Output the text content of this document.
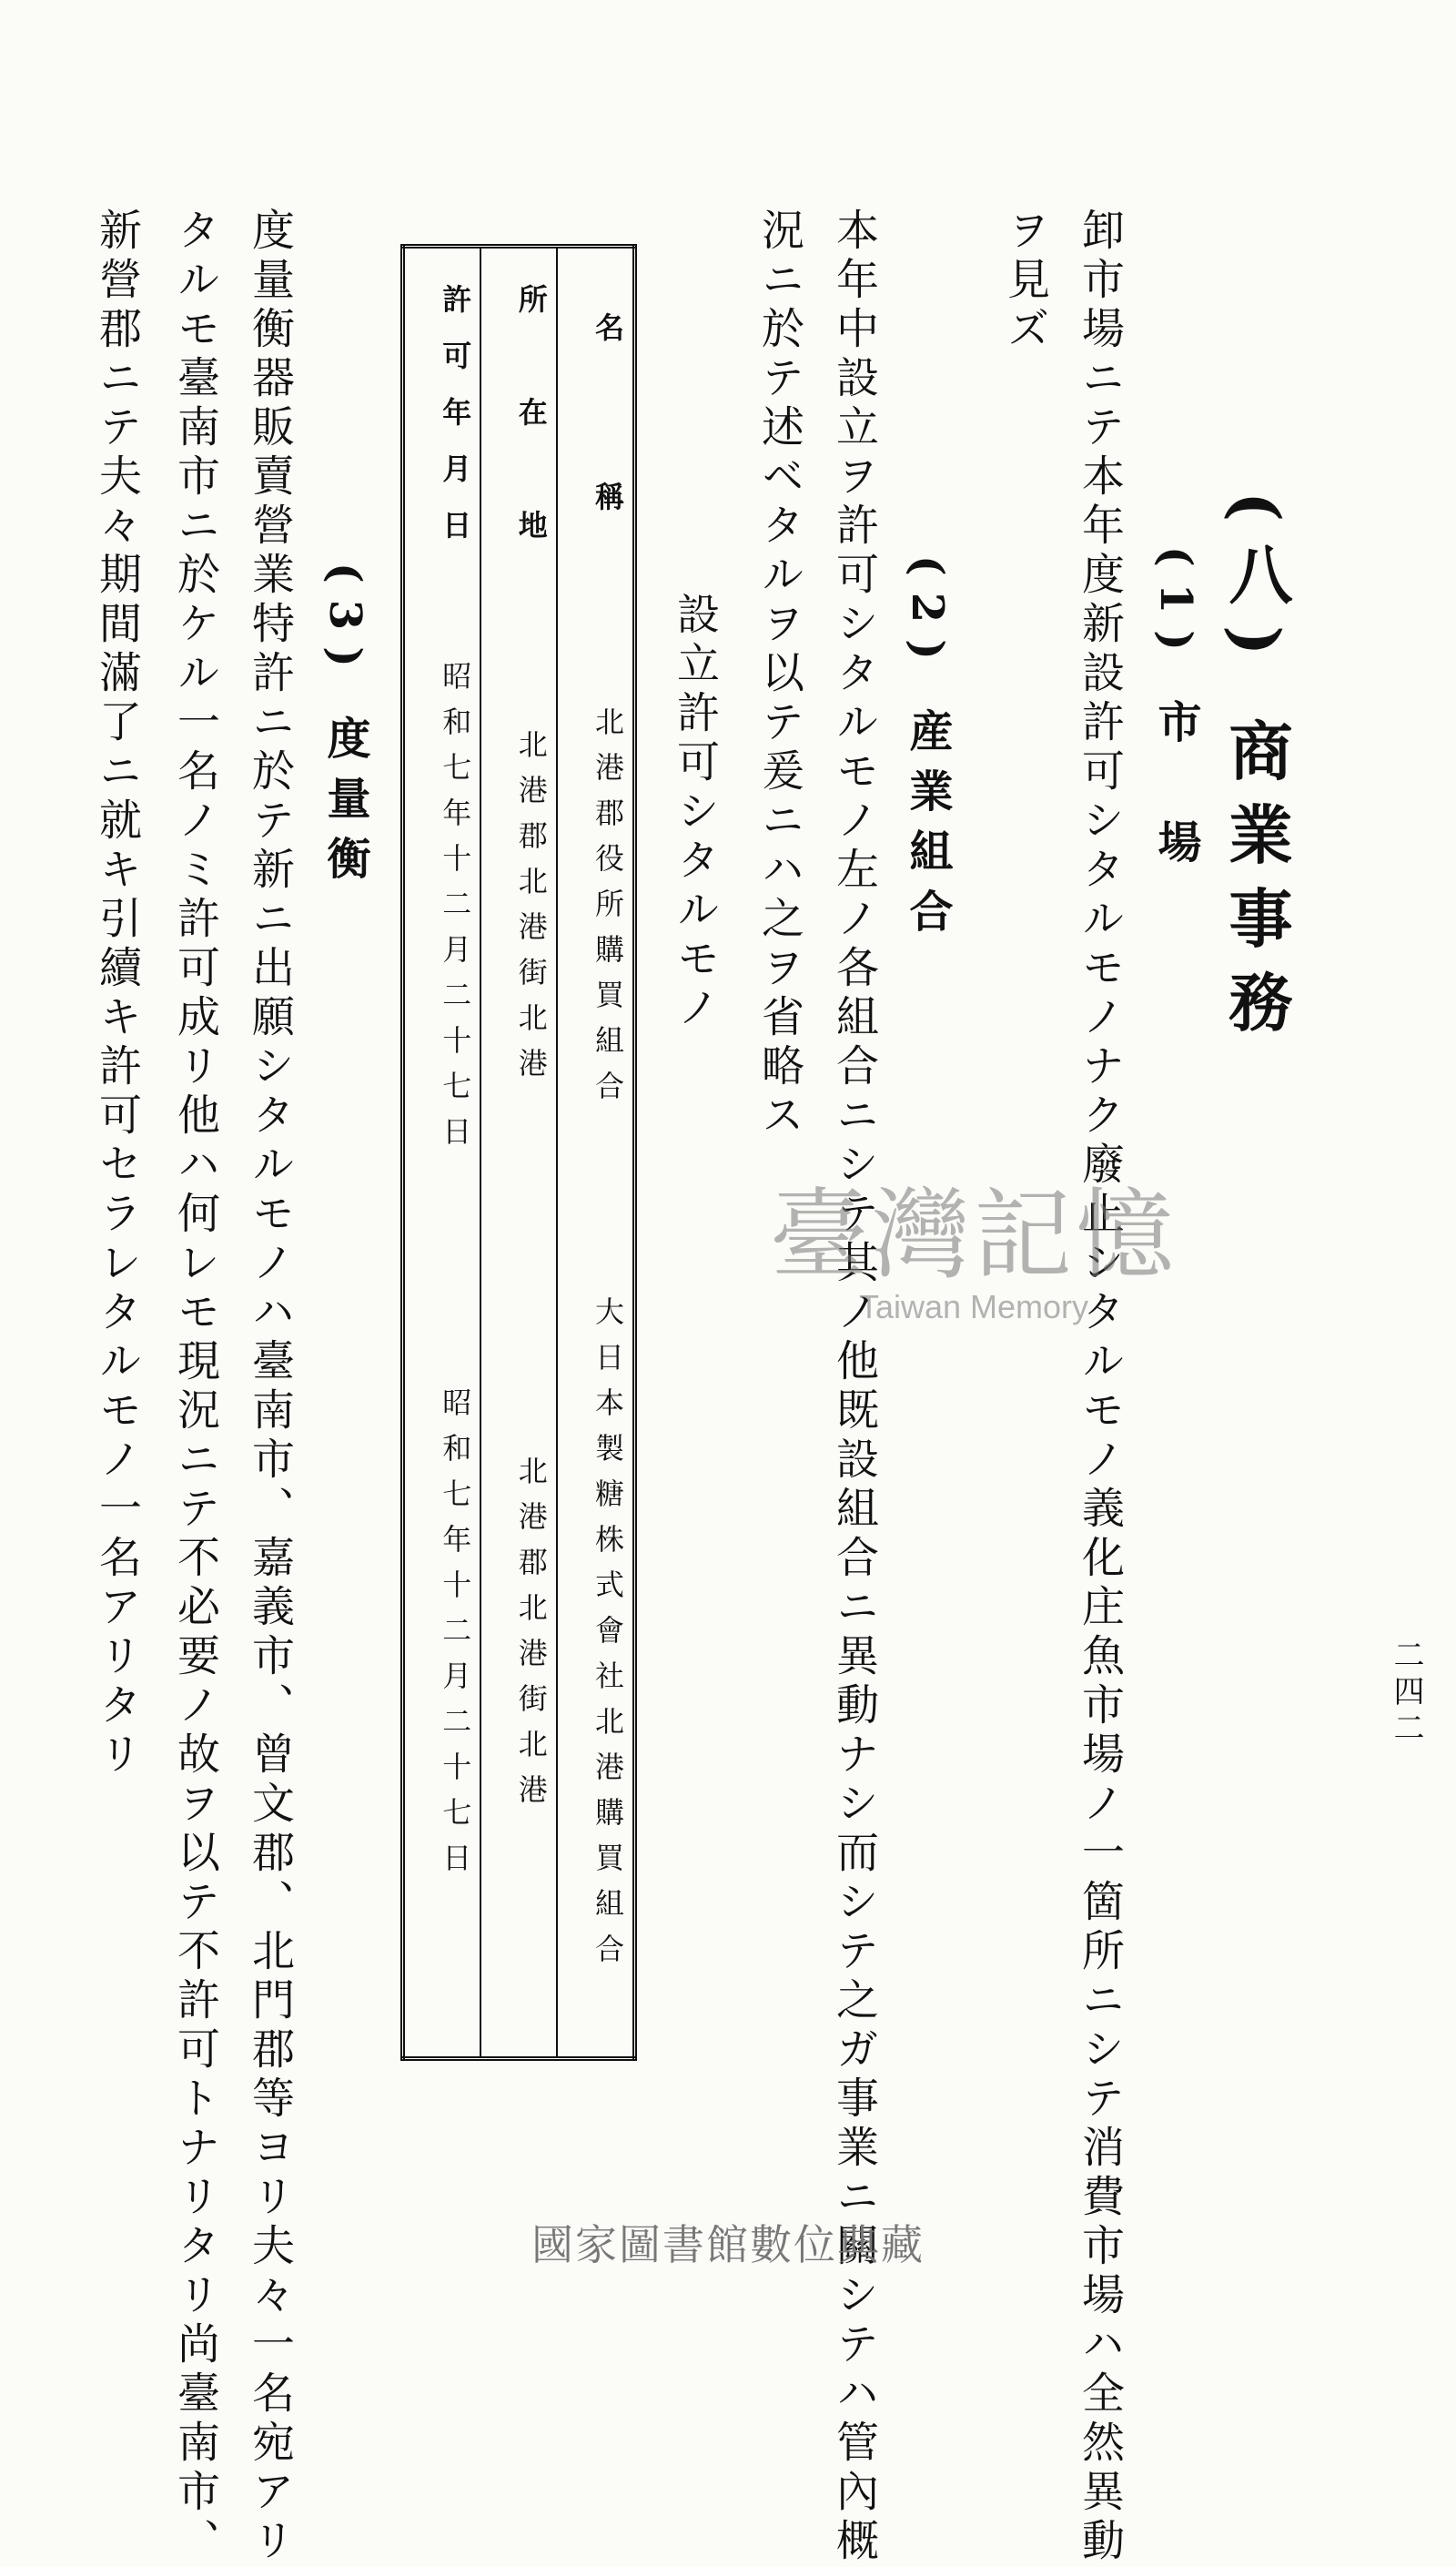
二四二
(八) 商業事務
(1) 市　場
卸市場ニテ本年度新設許可シタルモノナク廢止シタルモノ義化庄魚市場ノ一箇所ニシテ消費市場ハ全然異動
ヲ見ズ
(2) 産業組合
本年中設立ヲ許可シタルモノ左ノ各組合ニシテ其ノ他既設組合ニ異動ナシ而シテ之ガ事業ニ關シテハ管內概
況ニ於テ述ベタルヲ以テ爰ニハ之ヲ省略ス
設立許可シタルモノ
名　　稱	北港郡役所購買組合	大日本製糖株式會社北港購買組合
所　在　地	北港郡北港街北港	北港郡北港街北港
許可年月日	昭和七年十二月二十七日	昭和七年十二月二十七日
(3) 度量衡
度量衡器販賣營業特許ニ於テ新ニ出願シタルモノハ臺南市、嘉義市、曾文郡、北門郡等ヨリ夫々一名宛アリ
タルモ臺南市ニ於ケル一名ノミ許可成リ他ハ何レモ現況ニテ不必要ノ故ヲ以テ不許可トナリタリ尚臺南市、
新營郡ニテ夫々期間滿了ニ就キ引續キ許可セラレタルモノ一名アリタリ	臺灣記憶
Taiwan Memory
國家圖書館數位典藏
